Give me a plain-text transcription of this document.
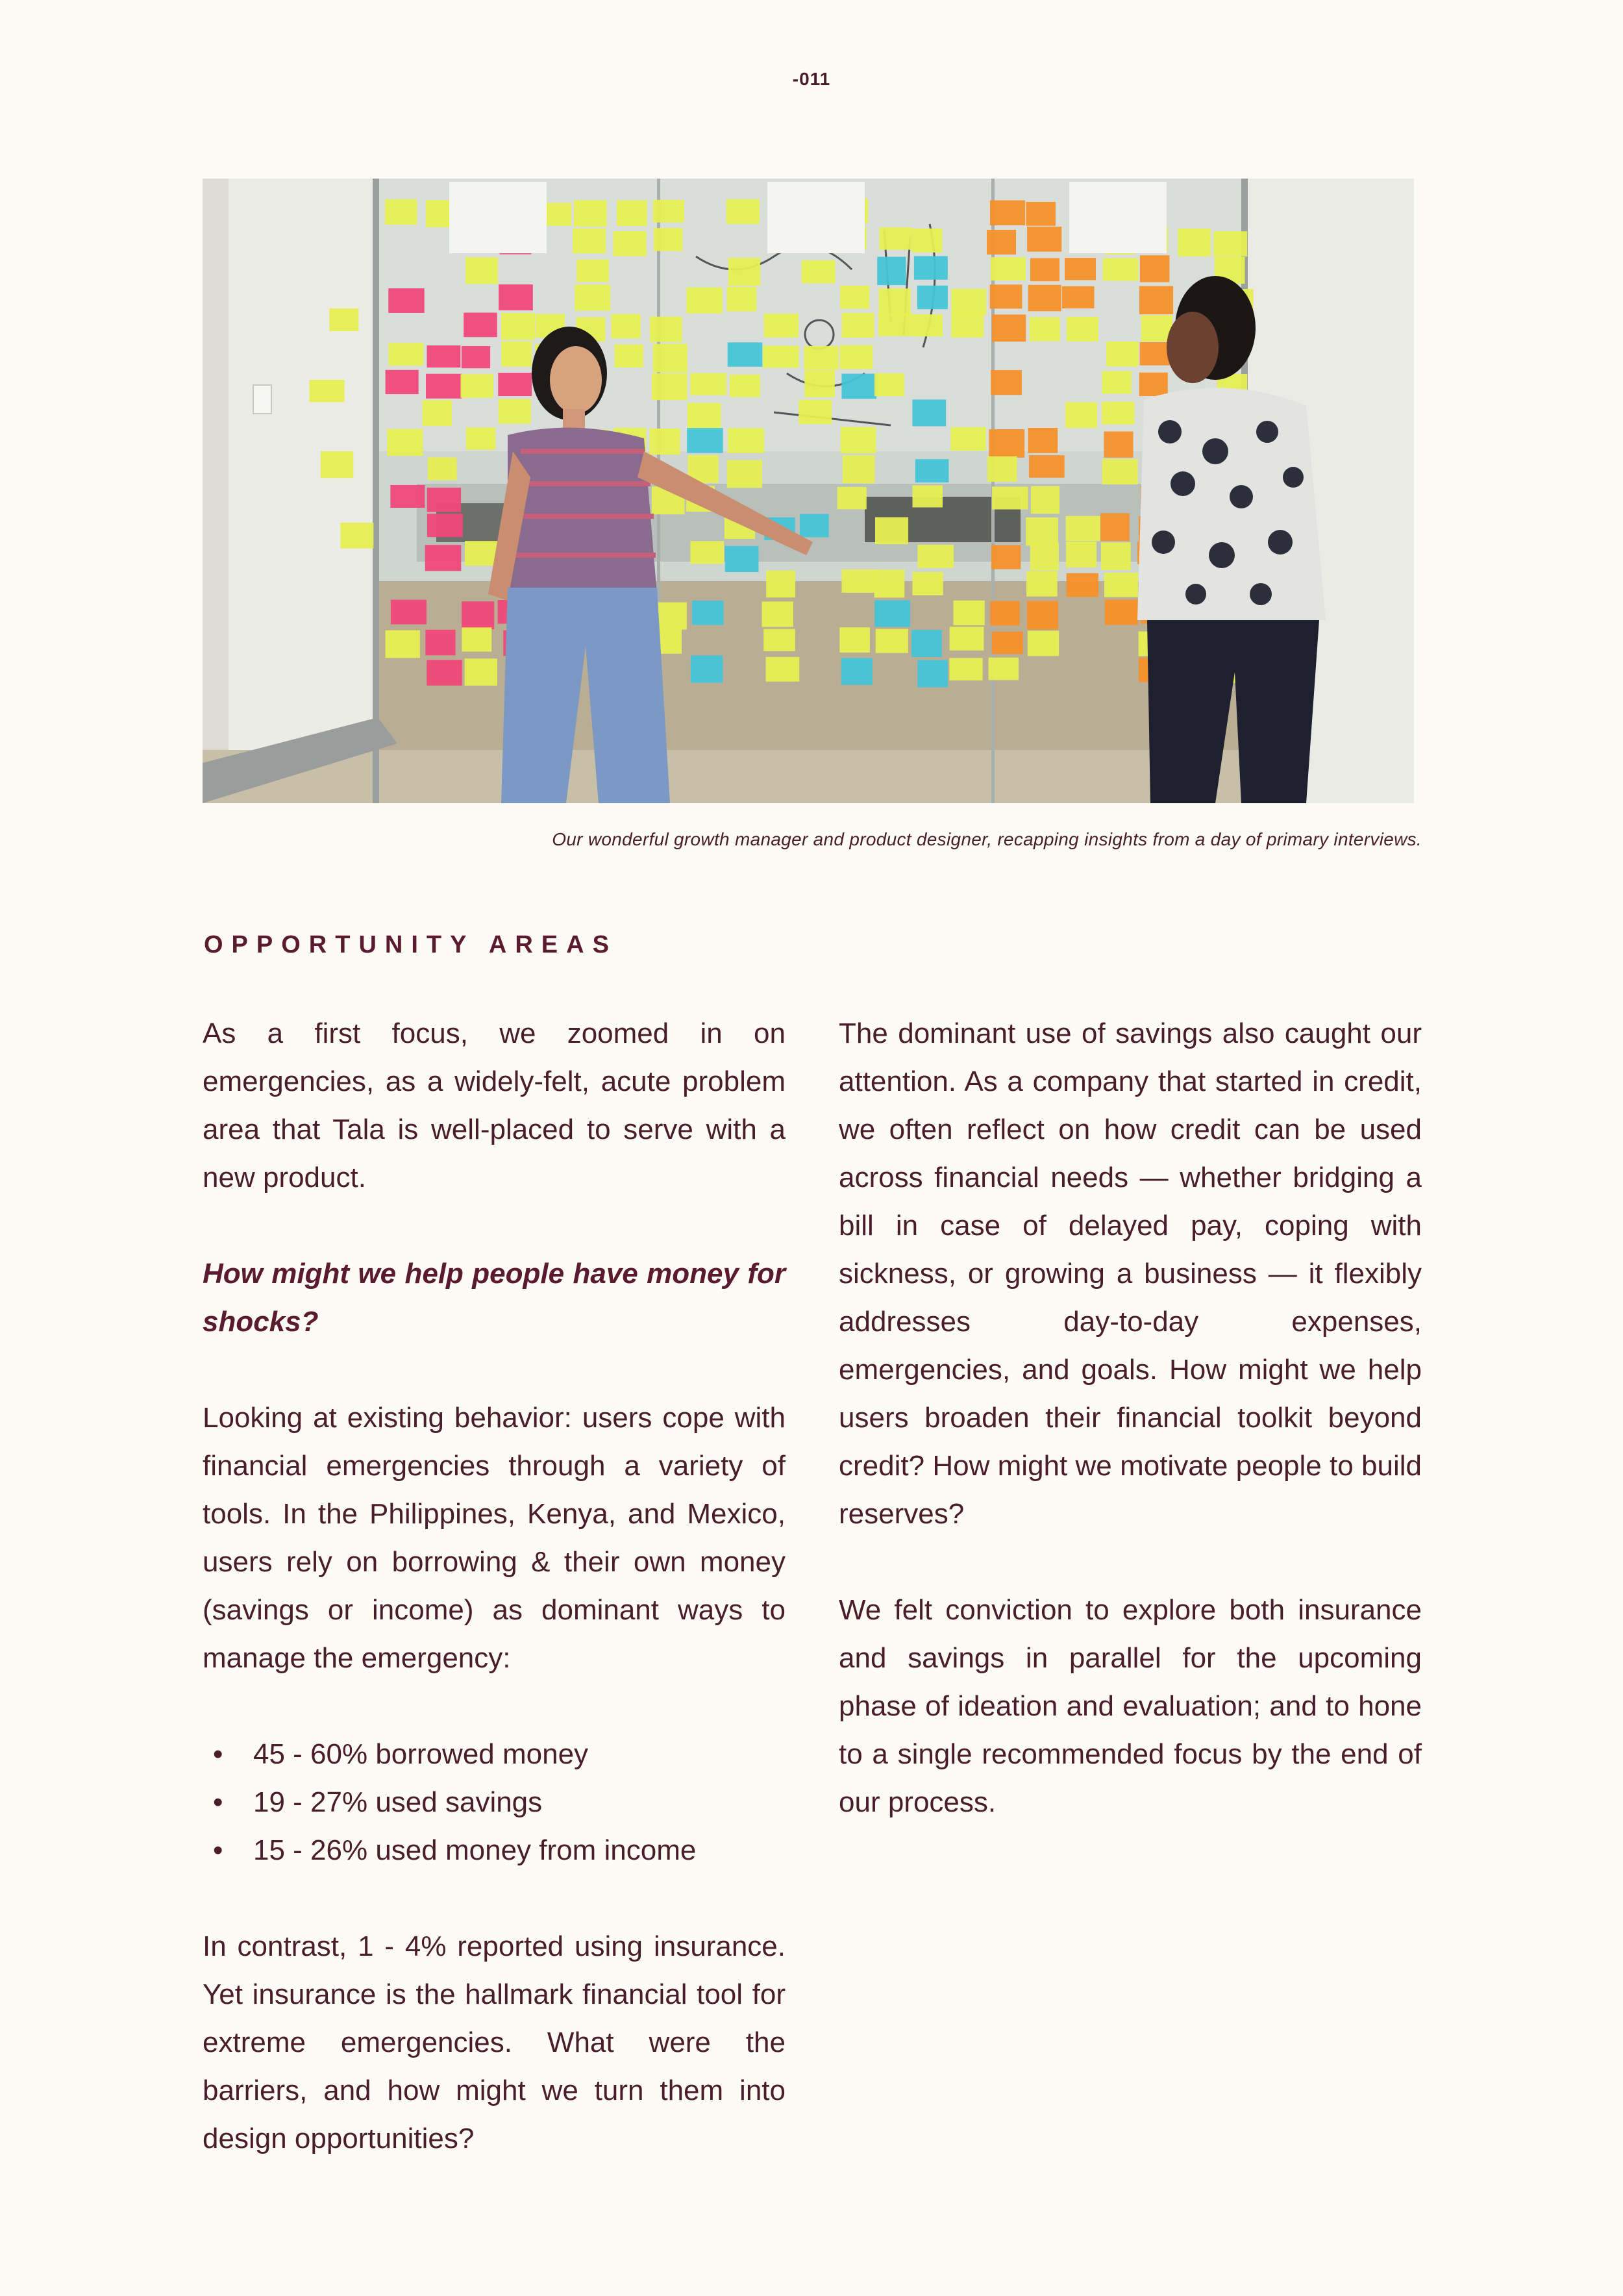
-011
Our wonderful growth manager and product designer, recapping insights from a day of primary interviews.
OPPORTUNITY AREAS

As a first focus, we zoomed in on emergencies, as a widely-felt, acute problem area that Tala is well-placed to serve with a new product.

How might we help people have money for shocks?

Looking at existing behavior: users cope with financial emergencies through a variety of tools. In the Philippines, Kenya, and Mexico, users rely on borrowing & their own money (savings or income) as dominant ways to manage the emergency:

• 45 - 60% borrowed money
• 19 - 27% used savings
• 15 - 26% used money from income

In contrast, 1 - 4% reported using insurance. Yet insurance is the hallmark financial tool for extreme emergencies. What were the barriers, and how might we turn them into design opportunities?

The dominant use of savings also caught our attention. As a company that started in credit, we often reflect on how credit can be used across financial needs — whether bridging a bill in case of delayed pay, coping with sickness, or growing a business — it flexibly addresses day-to-day expenses, emergencies, and goals. How might we help users broaden their financial toolkit beyond credit? How might we motivate people to build reserves?

We felt conviction to explore both insurance and savings in parallel for the upcoming phase of ideation and evaluation; and to hone to a single recommended focus by the end of our process.
